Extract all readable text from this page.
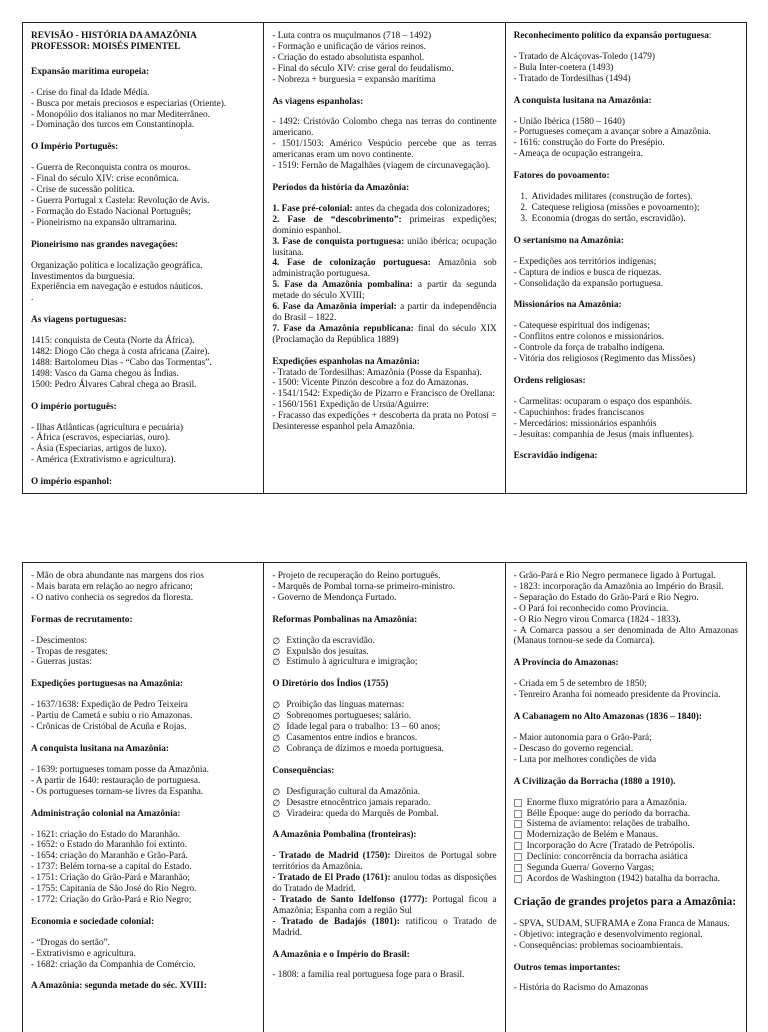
REVISÃO - HISTÓRIA DA AMAZÔNIA
PROFESSOR: MOISÉS PIMENTEL
Expansão marítima europeia:
- Crise do final da Idade Média.
- Busca por metais preciosos e especiarias (Oriente).
- Monopólio dos italianos no mar Mediterrâneo.
- Dominação dos turcos em Constantinopla.
O Império Português:
- Guerra de Reconquista contra os mouros.
- Final do século XIV: crise econômica.
- Crise de sucessão política.
- Guerra Portugal x Castela: Revolução de Avis.
- Formação do Estado Nacional Português;
- Pioneirismo na expansão ultramarina.
Pioneirismo nas grandes navegações:
Organização política e localização geográfica.
Investimentos da burguesia.
Experiência em navegação e estudos náuticos.
.
As viagens portuguesas:
1415: conquista de Ceuta (Norte da África).
1482: Diogo Cão chega à costa africana (Zaire).
1488: Bartolomeu Dias - “Cabo das Tormentas”.
1498: Vasco da Gama chegou às Índias.
1500: Pedro Álvares Cabral chega ao Brasil.
O império português:
- Ilhas Atlânticas (agricultura e pecuária)
- África (escravos, especiarias, ouro).
- Ásia (Especiarias, artigos de luxo).
- América (Extrativismo e agricultura).
O império espanhol:
- Luta contra os muçulmanos (718 – 1492)
- Formação e unificação de vários reinos.
- Criação do estado absolutista espanhol.
- Final do século XIV: crise geral do feudalismo.
- Nobreza + burguesia = expansão marítima
As viagens espanholas:
- 1492: Cristóvão Colombo chega nas terras do continente americano.
- 1501/1503: Américo Vespúcio percebe que as terras americanas eram um novo continente.
- 1519: Fernão de Magalhães (viagem de circunavegação).
Períodos da história da Amazônia:
1. Fase pré-colonial: antes da chegada dos colonizadores;
2. Fase de “descobrimento”: primeiras expedições; domínio espanhol.
3. Fase de conquista portuguesa: união ibérica; ocupação lusitana.
4. Fase de colonização portuguesa: Amazônia sob administração portuguesa.
5. Fase da Amazônia pombalina: a partir da segunda metade do século XVIII;
6. Fase da Amazônia imperial: a partir da independência do Brasil – 1822.
7. Fase da Amazônia republicana: final do século XIX (Proclamação da República 1889)
Expedições espanholas na Amazônia:
- Tratado de Tordesilhas: Amazônia (Posse da Espanha).
- 1500: Vicente Pinzón descobre a foz do Amazonas.
- 1541/1542: Expedição de Pizarro e Francisco de Orellana:
- 1560/1561 Expedição de Ursúa/Aguirre:
- Fracasso das expedições + descoberta da prata no Potosí = Desinteresse espanhol pela Amazônia.
Reconhecimento político da expansão portuguesa:
- Tratado de Alcáçovas-Toledo (1479)
- Bula Inter-coetera (1493)
- Tratado de Tordesilhas (1494)
A conquista lusitana na Amazônia:
- União Ibérica (1580 – 1640)
- Portugueses começam a avançar sobre a Amazônia.
- 1616: construção do Forte do Presépio.
- Ameaça de ocupação estrangeira.
Fatores do povoamento:
1. Atividades militares (construção de fortes).
2. Catequese religiosa (missões e povoamento);
3. Economia (drogas do sertão, escravidão).
O sertanismo na Amazônia:
- Expedições aos territórios indígenas;
- Captura de índios e busca de riquezas.
- Consolidação da expansão portuguesa.
Missionários na Amazônia:
- Catequese espiritual dos indígenas;
- Conflitos entre colonos e missionários.
- Controle da força de trabalho indígena.
- Vitória dos religiosos (Regimento das Missões)
Ordens religiosas:
- Carmelitas: ocuparam o espaço dos espanhóis.
- Capuchinhos: frades franciscanos
- Mercedários: missionários espanhóis
- Jesuítas: companhia de Jesus (mais influentes).
Escravidão indígena:
- Mão de obra abundante nas margens dos rios
- Mais barata em relação ao negro africano;
- O nativo conhecia os segredos da floresta.
Formas de recrutamento:
- Descimentos:
- Tropas de resgates:
- Guerras justas:
Expedições portuguesas na Amazônia:
- 1637/1638: Expedição de Pedro Teixeira
- Partiu de Cametá e subiu o rio Amazonas.
- Crônicas de Cristóbal de Acuña e Rojas.
A conquista lusitana na Amazônia:
- 1639: portugueses tomam posse da Amazônia.
- A partir de 1640: restauração de portuguesa.
- Os portugueses tornam-se livres da Espanha.
Administração colonial na Amazônia:
- 1621: criação do Estado do Maranhão.
- 1652: o Estado do Maranhão foi extinto.
- 1654: criação do Maranhão e Grão-Pará.
- 1737: Belém torna-se a capital do Estado.
- 1751: Criação do Grão-Pará e Maranhão;
- 1755: Capitania de São José do Rio Negro.
- 1772: Criação do Grão-Pará e Rio Negro;
Economia e sociedade colonial:
- “Drogas do sertão”.
- Extrativismo e agricultura.
- 1682: criação da Companhia de Comércio.
A Amazônia: segunda metade do séc. XVIII:
- Projeto de recuperação do Reino português.
- Marquês de Pombal torna-se primeiro-ministro.
- Governo de Mendonça Furtado.
Reformas Pombalinas na Amazônia:
∅ Extinção da escravidão.
∅ Expulsão dos jesuítas.
∅ Estímulo à agricultura e imigração;
O Diretório dos Índios (1755)
∅ Proibição das línguas maternas:
∅ Sobrenomes portugueses; salário.
∅ Idade legal para o trabalho: 13 – 60 anos;
∅ Casamentos entre índios e brancos.
∅ Cobrança de dízimos e moeda portuguesa.
Consequências:
∅ Desfiguração cultural da Amazônia.
∅ Desastre etnocêntrico jamais reparado.
∅ Viradeira: queda do Marquês de Pombal.
A Amazônia Pombalina (fronteiras):
- Tratado de Madrid (1750): Direitos de Portugal sobre territórios da Amazônia.
- Tratado de El Prado (1761): anulou todas as disposições do Tratado de Madrid.
- Tratado de Santo Idelfonso (1777): Portugal ficou a Amazônia; Espanha com a região Sul
- Tratado de Badajós (1801): ratificou o Tratado de Madrid.
A Amazônia e o Império do Brasil:
- 1808: a família real portuguesa foge para o Brasil.
- Grão-Pará e Rio Negro permanece ligado à Portugal.
- 1823: incorporação da Amazônia ao Império do Brasil.
- Separação do Estado do Grão-Pará e Rio Negro.
- O Pará foi reconhecido como Província.
- O Rio Negro virou Comarca (1824 - 1833).
- A Comarca passou a ser denominada de Alto Amazonas (Manaus tornou-se sede da Comarca).
A Província do Amazonas:
- Criada em 5 de setembro de 1850;
- Tenreiro Aranha foi nomeado presidente da Província.
A Cabanagem no Alto Amazonas (1836 – 1840):
- Maior autonomia para o Grão-Pará;
- Descaso do governo regencial.
- Luta por melhores condições de vida
A Civilização da Borracha (1880 a 1910).
Enorme fluxo migratório para a Amazônia.
Bélle Époque: auge do período da borracha.
Sistema de aviamento: relações de trabalho.
Modernização de Belém e Manaus.
Incorporação do Acre (Tratado de Petrópolis.
Declínio: concorrência da borracha asiática
Segunda Guerra/ Governo Vargas;
Acordos de Washington (1942) batalha da borracha.
Criação de grandes projetos para a Amazônia:
- SPVA, SUDAM, SUFRAMA e Zona Franca de Manaus.
- Objetivo: integração e desenvolvimento regional.
- Consequências: problemas socioambientais.
Outros temas importantes:
- História do Racismo do Amazonas
